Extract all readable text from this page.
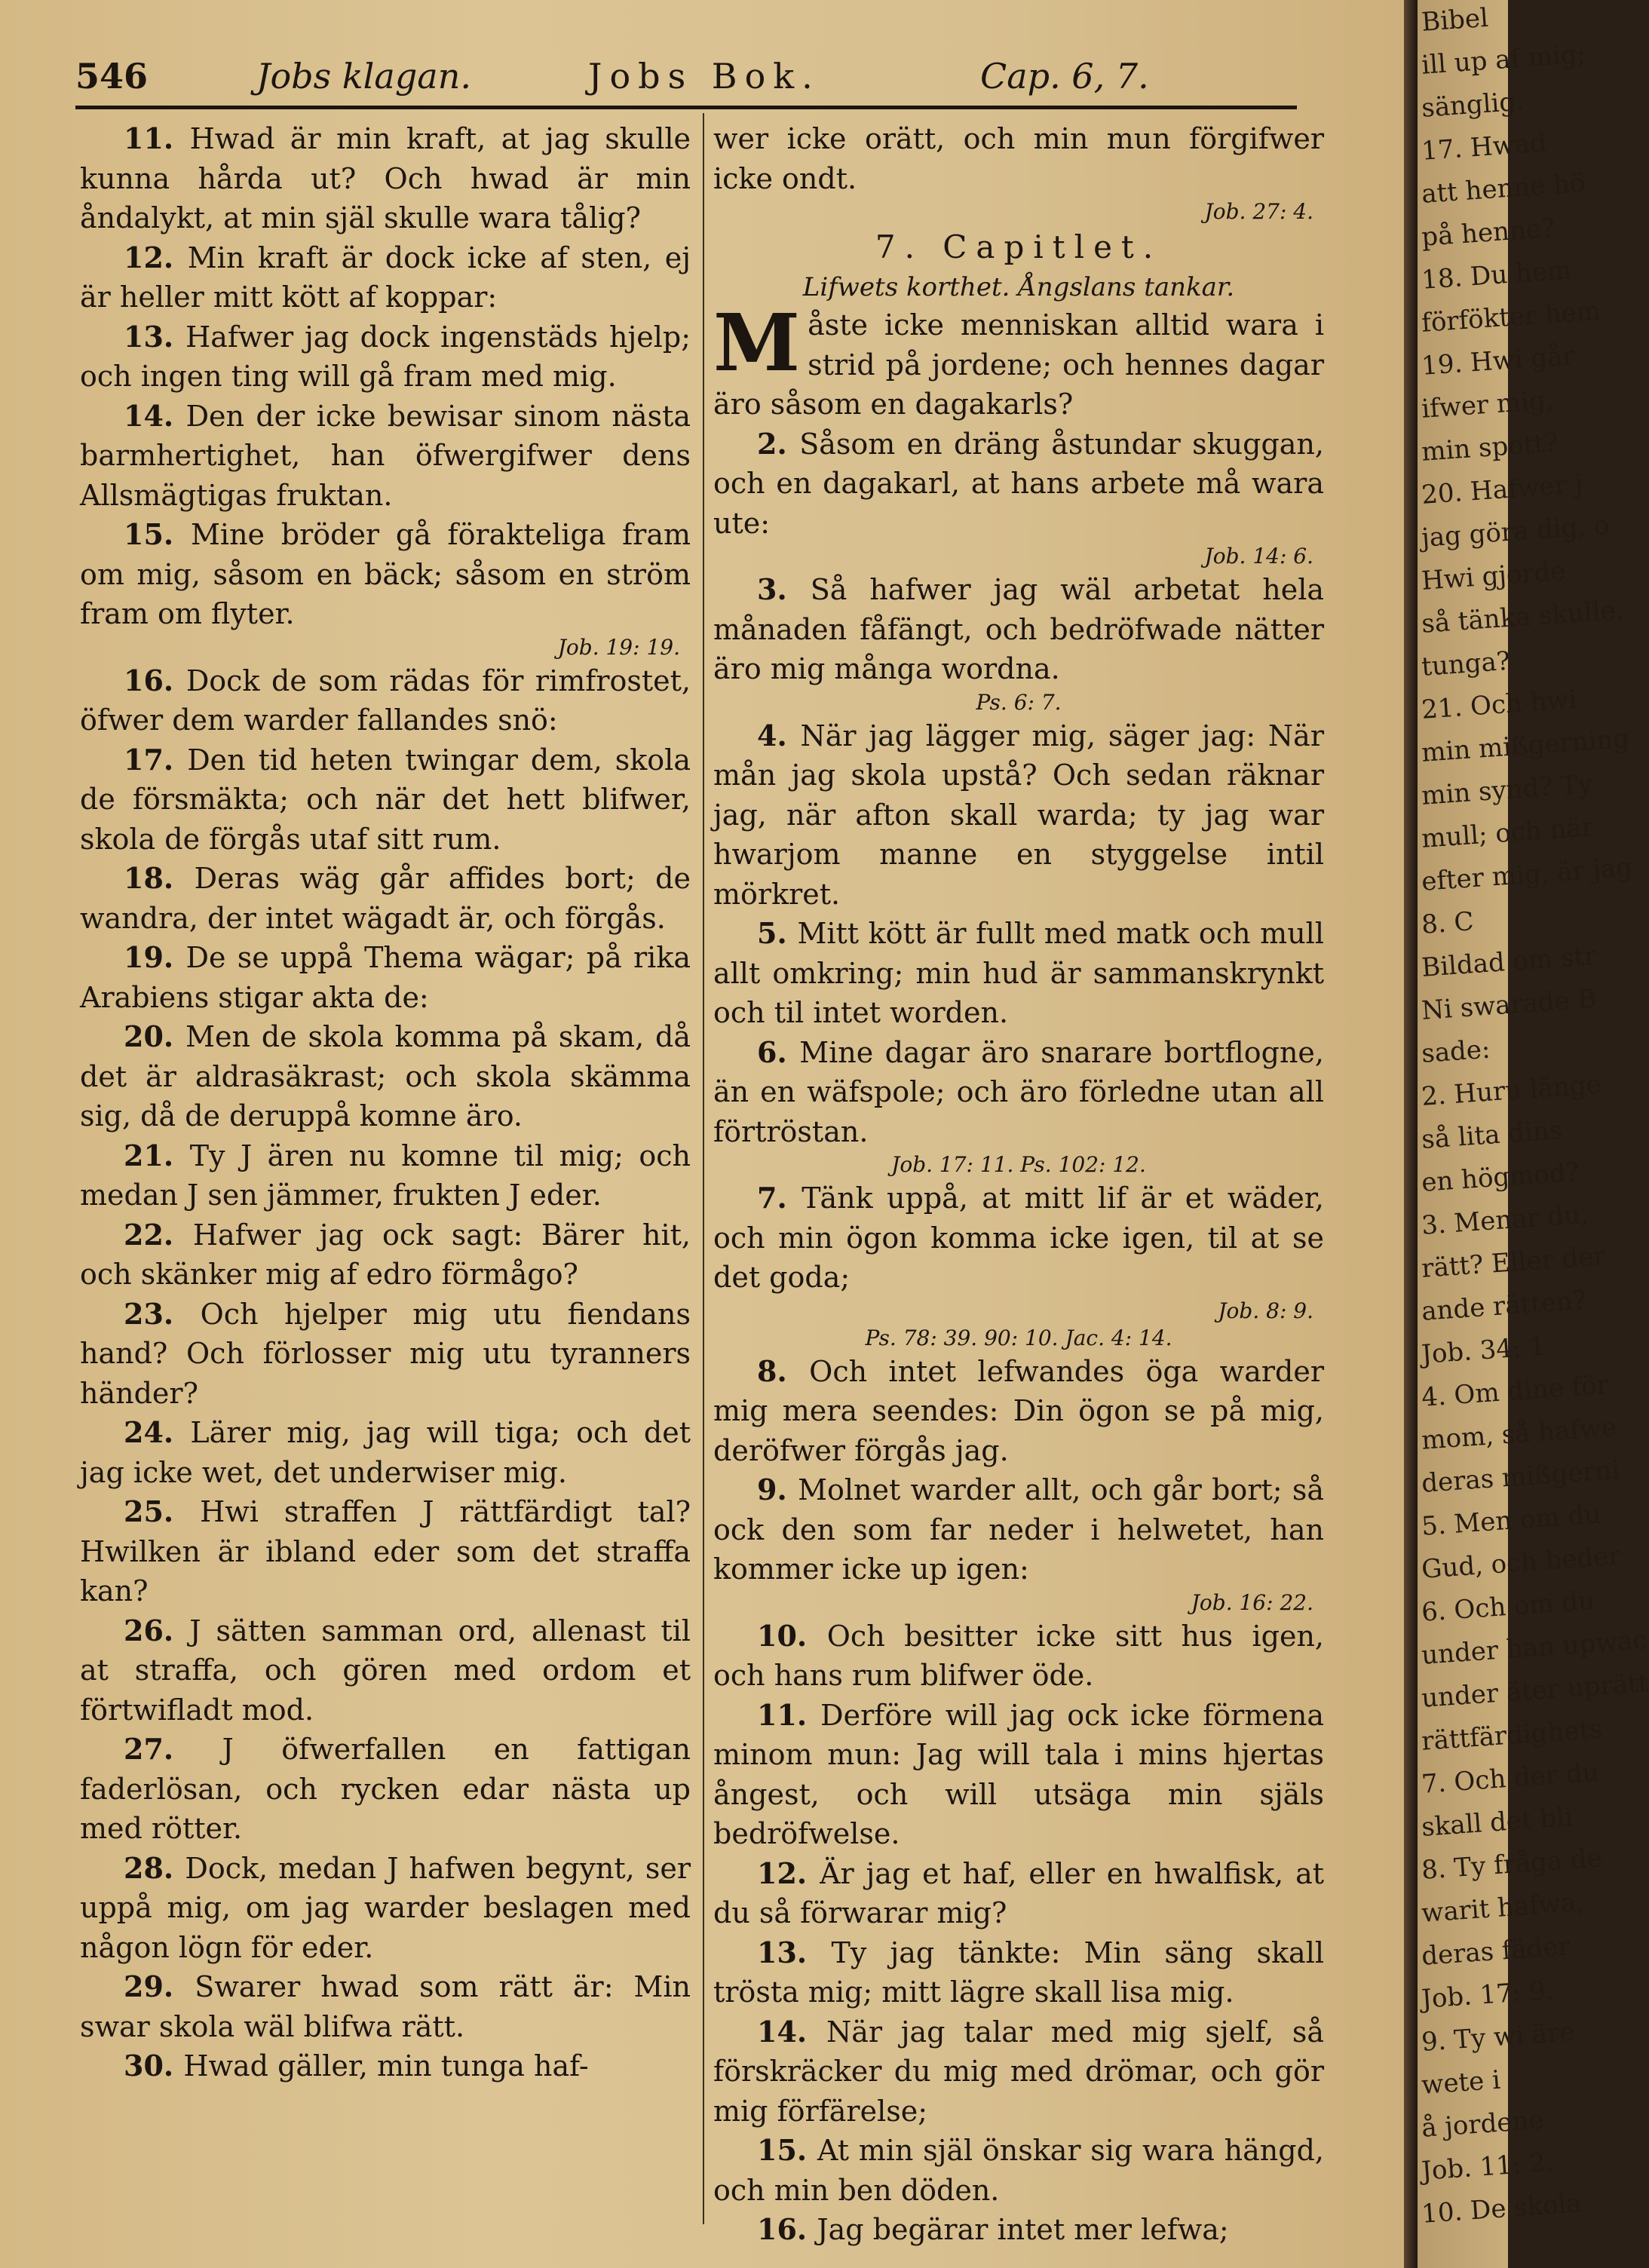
546	Jobs klagan.	Jobs Bok.	Cap. 6, 7.

11. Hwad är min kraft, at jag skulle kunna hårda ut? Och hwad är min åndalykt, at min själ skulle wara tålig?

12. Min kraft är dock icke af sten, ej är heller mitt kött af koppar:

13. Hafwer jag dock ingenstäds hjelp; och ingen ting will gå fram med mig.

14. Den der icke bewisar sinom nästa barmhertighet, han öfwergifwer dens Allsmägtigas fruktan.

15. Mine bröder gå förakteliga fram om mig, såsom en bäck; såsom en ström fram om flyter.

Job. 19: 19.

16. Dock de som rädas för rimfrostet, öfwer dem warder fallandes snö:

17. Den tid heten twingar dem, skola de försmäkta; och när det hett blifwer, skola de förgås utaf sitt rum.

18. Deras wäg går affides bort; de wandra, der intet wägadt är, och förgås.

19. De se uppå Thema wägar; på rika Arabiens stigar akta de:

20. Men de skola komma på skam, då det är aldrasäkrast; och skola skämma sig, då de deruppå komne äro.

21. Ty J ären nu komne til mig; och medan J sen jämmer, frukten J eder.

22. Hafwer jag ock sagt: Bärer hit, och skänker mig af edro förmågo?

23. Och hjelper mig utu fiendans hand? Och förlosser mig utu tyranners händer?

24. Lärer mig, jag will tiga; och det jag icke wet, det underwiser mig.

25. Hwi straffen J rättfärdigt tal? Hwilken är ibland eder som det straffa kan?

26. J sätten samman ord, allenast til at straffa, och gören med ordom et förtwifladt mod.

27. J öfwerfallen en fattigan faderlösan, och rycken edar nästa up med rötter.

28. Dock, medan J hafwen begynt, ser uppå mig, om jag warder beslagen med någon lögn för eder.

29. Swarer hwad som rätt är: Min swar skola wäl blifwa rätt.

30. Hwad gäller, min tunga haf-

wer icke orätt, och min mun förgifwer icke ondt.

Job. 27: 4.

7. Capitlet.

Lifwets korthet. Ångslans tankar.

Måste icke menniskan alltid wara i strid på jordene; och hennes dagar äro såsom en dagakarls?

2. Såsom en dräng åstundar skuggan, och en dagakarl, at hans arbete må wara ute:

Job. 14: 6.

3. Så hafwer jag wäl arbetat hela månaden fåfängt, och bedröfwade nätter äro mig många wordna.

Ps. 6: 7.

4. När jag lägger mig, säger jag: När mån jag skola upstå? Och sedan räknar jag, när afton skall warda; ty jag war hwarjom manne en styggelse intil mörkret.

5. Mitt kött är fullt med matk och mull allt omkring; min hud är sammanskrynkt och til intet worden.

6. Mine dagar äro snarare bortflogne, än en wäfspole; och äro förledne utan all förtröstan.

Job. 17: 11. Ps. 102: 12.

7. Tänk uppå, at mitt lif är et wäder, och min ögon komma icke igen, til at se det goda;

Job. 8: 9.

Ps. 78: 39. 90: 10. Jac. 4: 14.

8. Och intet lefwandes öga warder mig mera seendes: Din ögon se på mig, deröfwer förgås jag.

9. Molnet warder allt, och går bort; så ock den som far neder i helwetet, han kommer icke up igen:

Job. 16: 22.

10. Och besitter icke sitt hus igen, och hans rum blifwer öde.

11. Derföre will jag ock icke förmena minom mun: Jag will tala i mins hjertas ångest, och will utsäga min själs bedröfwelse.

12. Är jag et haf, eller en hwalfisk, at du så förwarar mig?

13. Ty jag tänkte: Min säng skall trösta mig; mitt lägre skall lisa mig.

14. När jag talar med mig sjelf, så förskräcker du mig med drömar, och gör mig förfärelse;

15. At min själ önskar sig wara hängd, och min ben döden.

16. Jag begärar intet mer lefwa;

Bibel
ill up af mig;
sänglig.
17. Hwad
att henne hö
på henne?
18. Du hem
förfökter hem
19. Hwi går
ifwer mig,
min spott?
20. Hafwer j
jag göra dig, o
Hwi gjorde
så tänka skulle,
tunga?
21. Och hwi
min mißgerning
min synd? Ty
mull; och när
efter mig, är jag
8. C
Bildad om str
Ni swarade B
sade:
2. Huru länge
så lita dins
en högmod?
3. Menar du,
rätt? Eller der
ande rätten?
Job. 34: 1
4. Om dine för
mom, så hafwe
deras mißgerni
5. Men om du
Gud, och beder
6. Och om du
under han upwac
under äter uprätt
rättfärdighets
7. Och der du
skall det bli
8. Ty fråga de
warit hafwa,
deras fäder
Job. 17: 9.
9. Ty wi äre
wete i
å jordene
Job. 11: 2.
10. De skola
